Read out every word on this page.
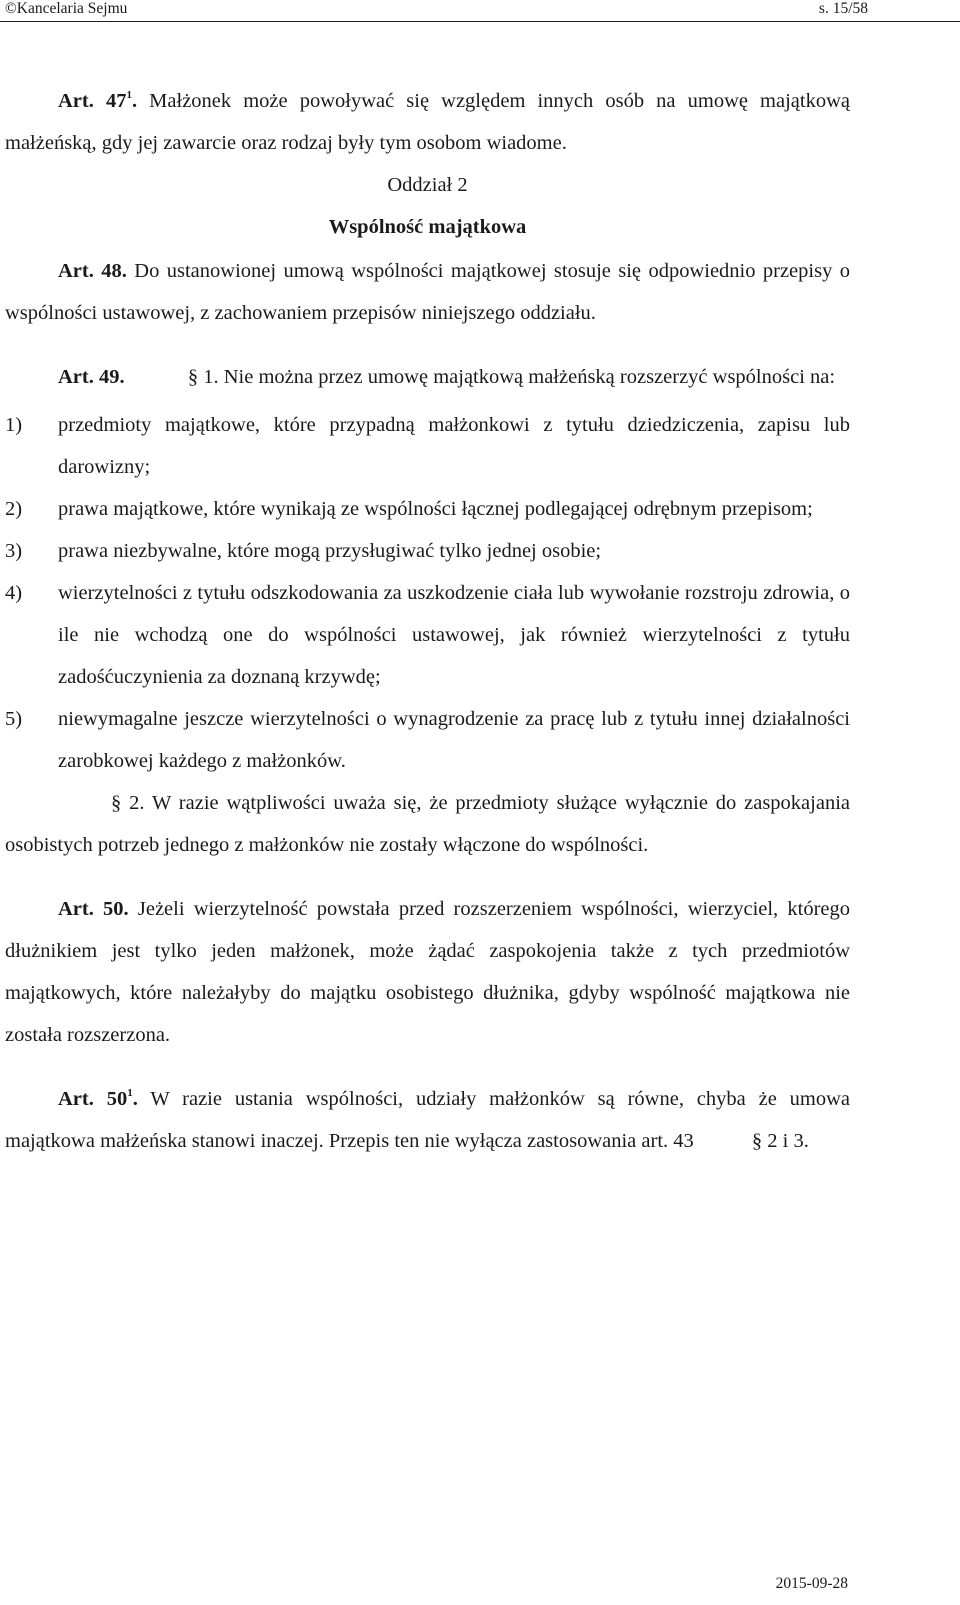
©Kancelaria Sejmu	s. 15/58

Art. $47^1$. Małżonek może powoływać się względem innych osób na umowę majątkową małżeńską, gdy jej zawarcie oraz rodzaj były tym osobom wiadome.

Oddział 2

Wspólność majątkowa

Art. 48. Do ustanowionej umową wspólności majątkowej stosuje się odpowiednio przepisy o wspólności ustawowej, z zachowaniem przepisów niniejszego oddziału.

Art. 49.	§ 1. Nie można przez umowę majątkową małżeńską rozszerzyć wspólności na:

1) przedmioty majątkowe, które przypadną małżonkowi z tytułu dziedziczenia, zapisu lub darowizny;

2) prawa majątkowe, które wynikają ze wspólności łącznej podlegającej odrębnym przepisom;

3) prawa niezbywalne, które mogą przysługiwać tylko jednej osobie;

4) wierzytelności z tytułu odszkodowania za uszkodzenie ciała lub wywołanie rozstroju zdrowia, o ile nie wchodzą one do wspólności ustawowej, jak również wierzytelności z tytułu zadośćuczynienia za doznaną krzywdę;

5) niewymagalne jeszcze wierzytelności o wynagrodzenie za pracę lub z tytułu innej działalności zarobkowej każdego z małżonków.

§ 2. W razie wątpliwości uważa się, że przedmioty służące wyłącznie do zaspokajania osobistych potrzeb jednego z małżonków nie zostały włączone do wspólności.

Art. 50. Jeżeli wierzytelność powstała przed rozszerzeniem wspólności, wierzyciel, którego dłużnikiem jest tylko jeden małżonek, może żądać zaspokojenia także z tych przedmiotów majątkowych, które należałyby do majątku osobistego dłużnika, gdyby wspólność majątkowa nie została rozszerzona.

Art. $50^1$. W razie ustania wspólności, udziały małżonków są równe, chyba że umowa majątkowa małżeńska stanowi inaczej. Przepis ten nie wyłącza zastosowania art. 43	§ 2 i 3.

2015-09-28
